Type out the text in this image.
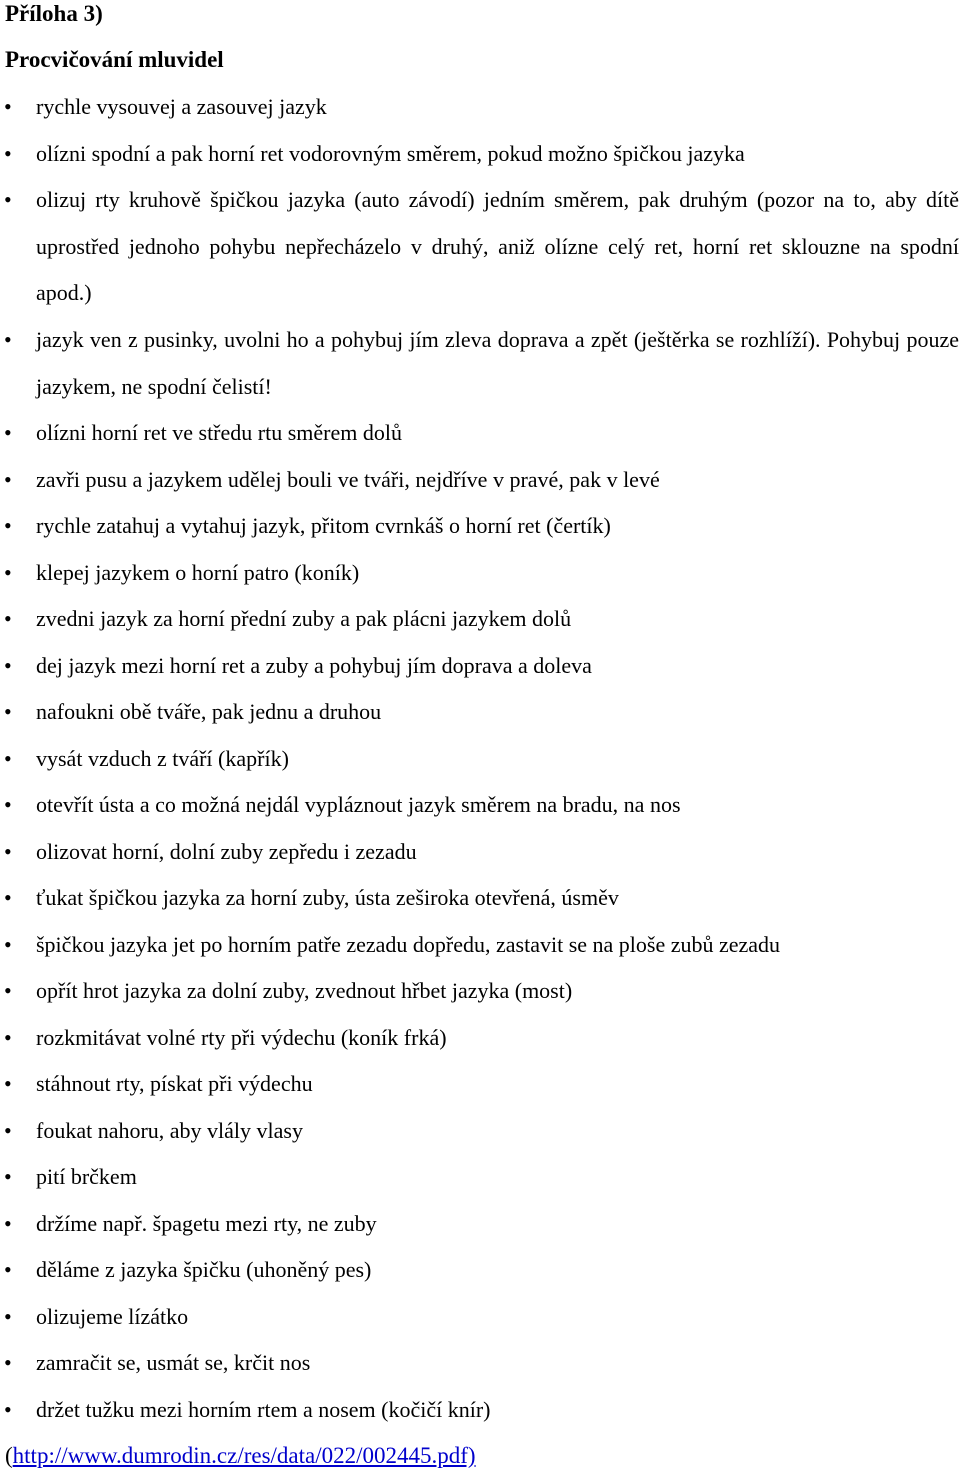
Příloha 3)
Procvičování mluvidel
• rychle vysouvej a zasouvej jazyk
• olízni spodní a pak horní ret vodorovným směrem, pokud možno špičkou jazyka
• olizuj rty kruhově špičkou jazyka (auto závodí) jedním směrem, pak druhým (pozor na to, aby dítě uprostřed jednoho pohybu nepřecházelo v druhý, aniž olízne celý ret, horní ret sklouzne na spodní apod.)
• jazyk ven z pusinky, uvolni ho a pohybuj jím zleva doprava a zpět (ještěrka se rozhlíží). Pohybuj pouze jazykem, ne spodní čelistí!
• olízni horní ret ve středu rtu směrem dolů
• zavři pusu a jazykem udělej bouli ve tváři, nejdříve v pravé, pak v levé
• rychle zatahuj a vytahuj jazyk, přitom cvrnkáš o horní ret (čertík)
• klepej jazykem o horní patro (koník)
• zvedni jazyk za horní přední zuby a pak plácni jazykem dolů
• dej jazyk mezi horní ret a zuby a pohybuj jím doprava a doleva
• nafoukni obě tváře, pak jednu a druhou
• vysát vzduch z tváří (kapřík)
• otevřít ústa a co možná nejdál vypláznout jazyk směrem na bradu, na nos
• olizovat horní, dolní zuby zepředu i zezadu
• ťukat špičkou jazyka za horní zuby, ústa zeširoka otevřená, úsměv
• špičkou jazyka jet po horním patře zezadu dopředu, zastavit se na ploše zubů zezadu
• opřít hrot jazyka za dolní zuby, zvednout hřbet jazyka (most)
• rozkmitávat volné rty při výdechu (koník frká)
• stáhnout rty, pískat při výdechu
• foukat nahoru, aby vlály vlasy
• pití brčkem
• držíme např. špagetu mezi rty, ne zuby
• děláme z jazyka špičku (uhoněný pes)
• olizujeme lízátko
• zamračit se, usmát se, krčit nos
• držet tužku mezi horním rtem a nosem (kočičí knír)
(http://www.dumrodin.cz/res/data/022/002445.pdf)
